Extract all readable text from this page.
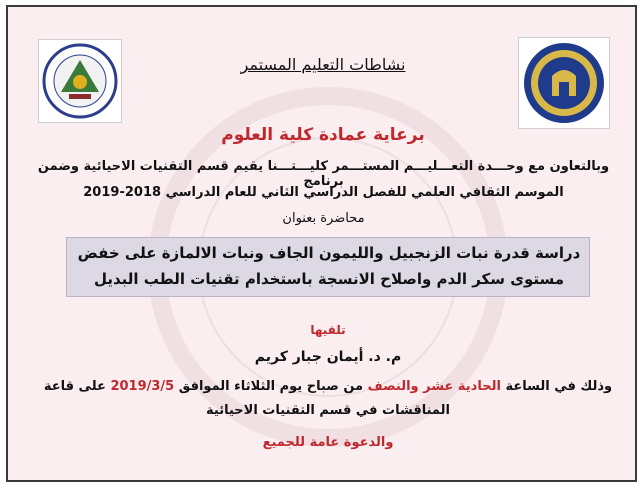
نشاطات التعليم المستمر
برعاية عمادة كلية العلوم
وبالتعاون مع وحـــدة التعـــليـــم المستـــمر كليـــتـــنا يقيم قسم التقنيات الاحيائية وضمن برنامج
الموسم الثقافي العلمي للفصل الدراسي الثاني للعام الدراسي 2018-2019
محاضرة بعنوان
دراسة قدرة نبات الزنجبيل والليمون الجاف ونبات الالمازة على خفض
مستوى سكر الدم واصلاح الانسجة باستخدام تقنيات الطب البديل
تلقيها
م. د. أيمان جبار كريم
وذلك في الساعة الحادية عشر والنصف من صباح يوم الثلاثاء الموافق 2019/3/5 على قاعة
المناقشات في قسم التقنيات الاحيائية
والدعوة عامة للجميع
